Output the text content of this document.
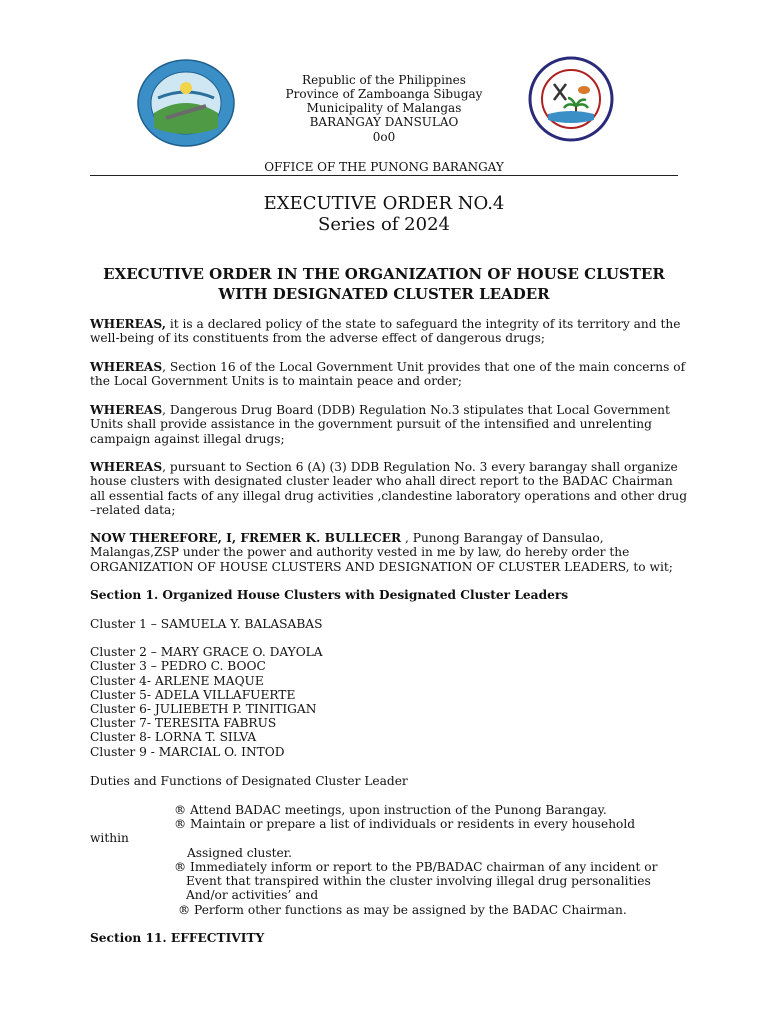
Republic of the Philippines
Province of Zamboanga Sibugay
Municipality of Malangas
BARANGAY DANSULAO
0o0
OFFICE OF THE PUNONG BARANGAY
EXECUTIVE ORDER NO.4
Series of 2024
EXECUTIVE ORDER IN THE ORGANIZATION OF HOUSE CLUSTER
WITH DESIGNATED CLUSTER LEADER

WHEREAS, it is a declared policy of the state to safeguard the integrity of its territory and the well-being of its constituents from the adverse effect of dangerous drugs;

WHEREAS, Section 16 of the Local Government Unit provides that one of the main concerns of the Local Government Units is to maintain peace and order;

WHEREAS, Dangerous Drug Board (DDB) Regulation No.3 stipulates that Local Government Units shall provide assistance in the government pursuit of the intensified and unrelenting campaign against illegal drugs;

WHEREAS, pursuant to Section 6 (A) (3) DDB Regulation No. 3 every barangay shall organize house clusters with designated cluster leader who ahall direct report to the BADAC Chairman all essential facts of any illegal drug activities ,clandestine laboratory operations and other drug –related data;

NOW THEREFORE, I, FREMER K. BULLECER , Punong Barangay of Dansulao, Malangas,ZSP under the power and authority vested in me by law, do hereby order the ORGANIZATION OF HOUSE CLUSTERS AND DESIGNATION OF CLUSTER LEADERS, to wit;

Section 1. Organized House Clusters with Designated Cluster Leaders
Cluster 1 – SAMUELA Y. BALASABAS
Cluster 2 – MARY GRACE O. DAYOLA
Cluster 3 – PEDRO C. BOOC
Cluster 4- ARLENE MAQUE
Cluster 5- ADELA VILLAFUERTE
Cluster 6- JULIEBETH P. TINITIGAN
Cluster 7- TERESITA FABRUS
Cluster 8- LORNA T. SILVA
Cluster 9 - MARCIAL O. INTOD
Duties and Functions of Designated Cluster Leader
® Attend BADAC meetings, upon instruction of the Punong Barangay.
® Maintain or prepare a list of individuals or residents in every household
within
Assigned cluster.
® Immediately inform or report to the PB/BADAC chairman of any incident or
Event that transpired within the cluster involving illegal drug personalities
And/or activities’ and
® Perform other functions as may be assigned by the BADAC Chairman.
Section 11. EFFECTIVITY
